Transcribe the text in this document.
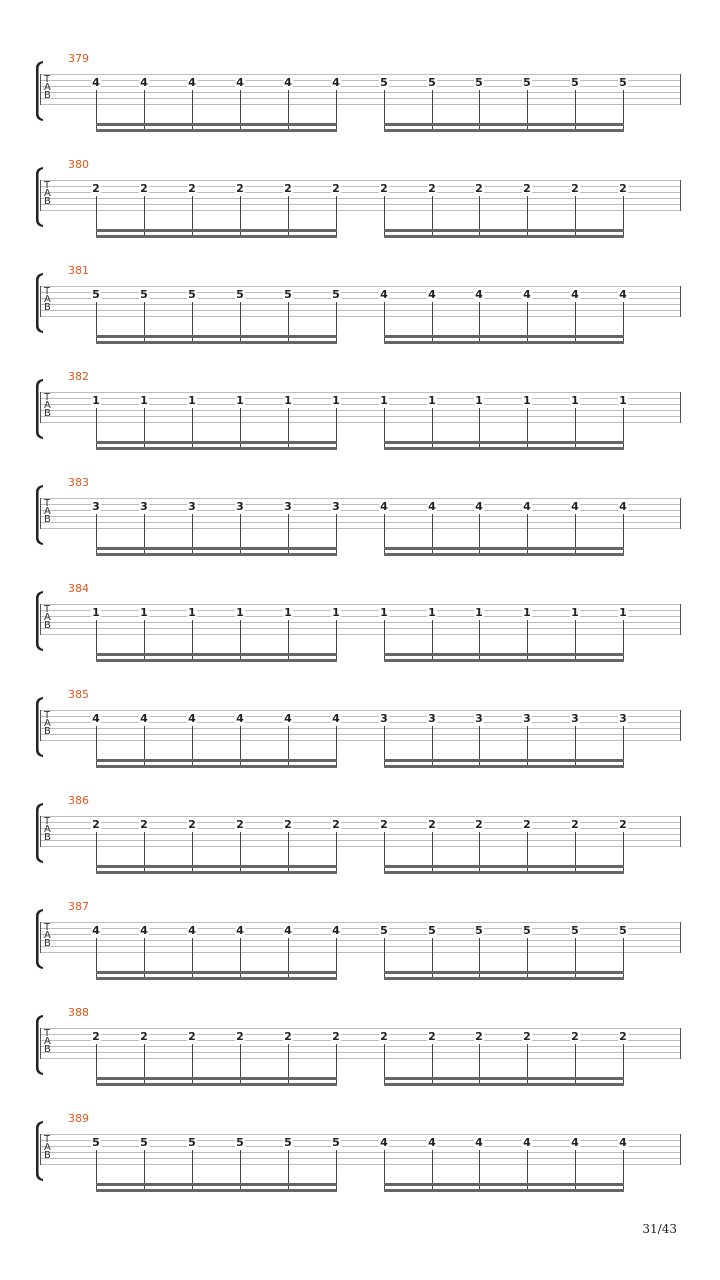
379
T
A
B
4	4	4	4	4	4	5	5	5	5	5	5
380
T
A
B
2	2	2	2	2	2	2	2	2	2	2	2
381
T
A
B
5	5	5	5	5	5	4	4	4	4	4	4
382
T
A
B
1	1	1	1	1	1	1	1	1	1	1	1
383
T
A
B
3	3	3	3	3	3	4	4	4	4	4	4
384
T
A
B
1	1	1	1	1	1	1	1	1	1	1	1
385
T
A
B
4	4	4	4	4	4	3	3	3	3	3	3
386
T
A
B
2	2	2	2	2	2	2	2	2	2	2	2
387
T
A
B
4	4	4	4	4	4	5	5	5	5	5	5
388
T
A
B
2	2	2	2	2	2	2	2	2	2	2	2
389
T
A
B
5	5	5	5	5	5	4	4	4	4	4	4
31/43
